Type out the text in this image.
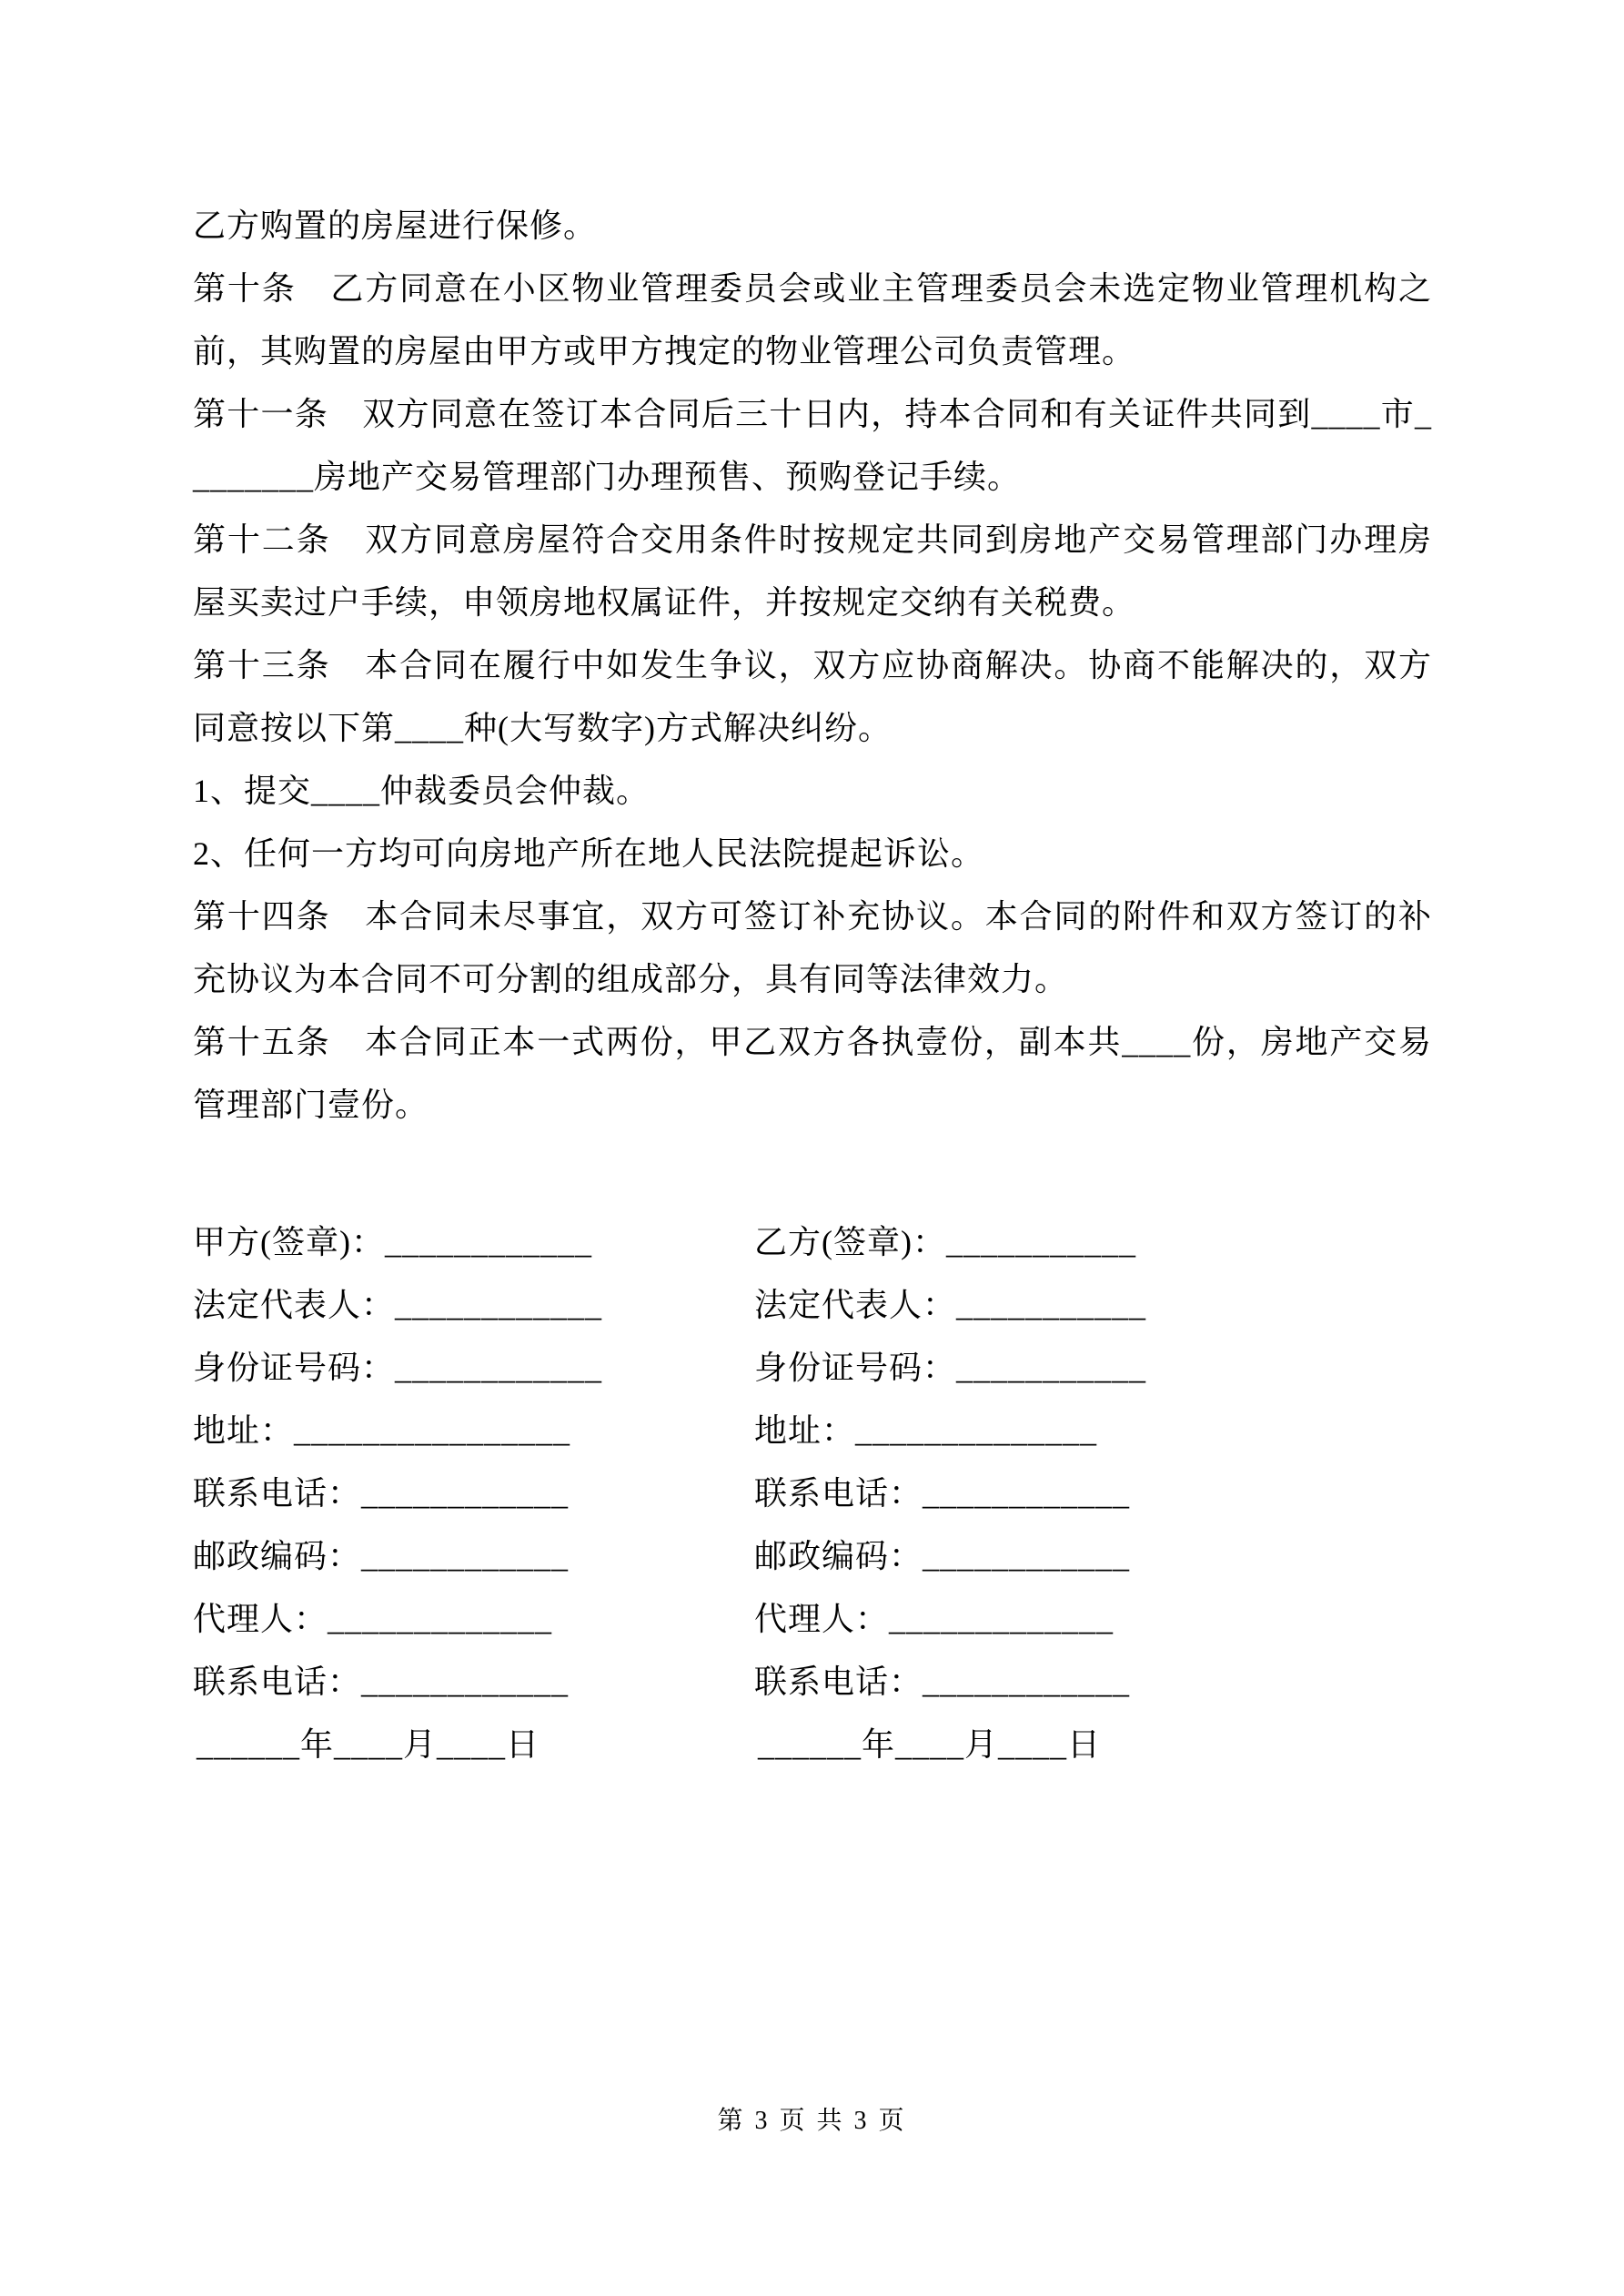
乙方购置的房屋进行保修。

第十条　乙方同意在小区物业管理委员会或业主管理委员会未选定物业管理机构之前，其购置的房屋由甲方或甲方拽定的物业管理公司负责管理。

第十一条　双方同意在签订本合同后三十日内，持本合同和有关证件共同到____市________房地产交易管理部门办理预售、预购登记手续。

第十二条　双方同意房屋符合交用条件时按规定共同到房地产交易管理部门办理房屋买卖过户手续，申领房地权属证件，并按规定交纳有关税费。

第十三条　本合同在履行中如发生争议，双方应协商解决。协商不能解决的，双方同意按以下第____种(大写数字)方式解决纠纷。

1、提交____仲裁委员会仲裁。

2、任何一方均可向房地产所在地人民法院提起诉讼。

第十四条　本合同未尽事宜，双方可签订补充协议。本合同的附件和双方签订的补充协议为本合同不可分割的组成部分，具有同等法律效力。

第十五条　本合同正本一式两份，甲乙双方各执壹份，副本共____份，房地产交易管理部门壹份。

甲方(签章)：____________
法定代表人：____________
身份证号码：____________
地址：________________
联系电话：____________
邮政编码：____________
代理人：_____________
联系电话：____________
______年____月____日
乙方(签章)：___________
法定代表人：___________
身份证号码：___________
地址：______________
联系电话：____________
邮政编码：____________
代理人：_____________
联系电话：____________
______年____月____日
第 3 页 共 3 页
